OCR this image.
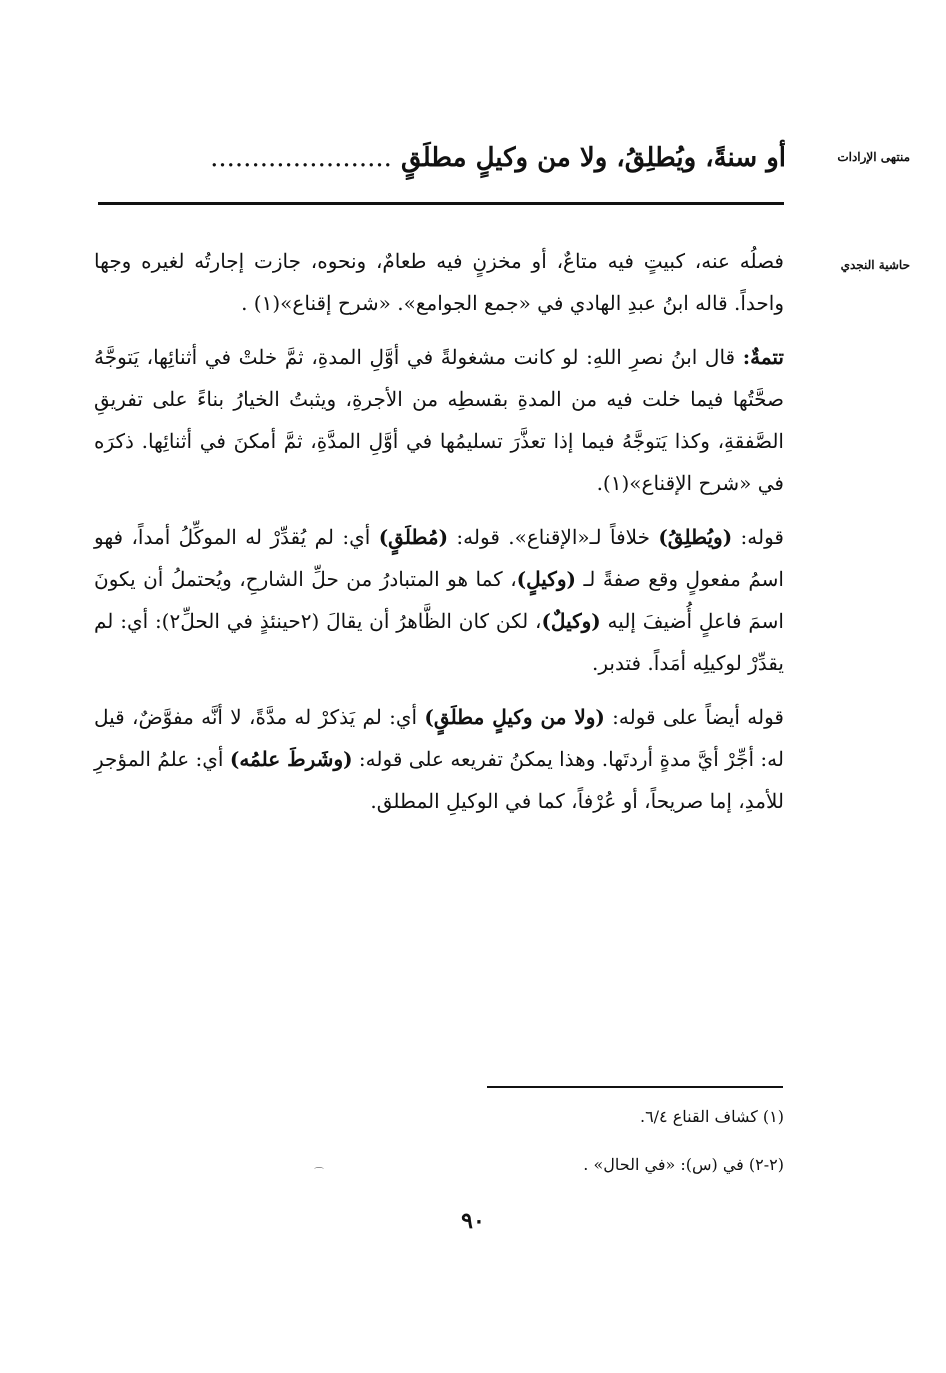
منتهى الإرادات
أو سنةً، ويُطلِقُ، ولا من وكيلٍ مطلَقٍ ......................
حاشية النجدي

فصلُه عنه، كبيتٍ فيه متاعٌ، أو مخزنٍ فيه طعامٌ، ونحوه، جازت إجارتُه لغيره وجها واحداً. قاله ابنُ عبدِ الهادي في «جمع الجوامع». «شرح إقناع»(١) .

تتمةٌ: قال ابنُ نصرِ اللهِ: لو كانت مشغولةً في أوَّلِ المدةِ، ثمَّ خلتْ في أثنائِها، يَتوجَّهُ صحَّتُها فيما خلت فيه من المدةِ بقسطِه من الأجرةِ، ويثبتُ الخيارُ بناءً على تفريقِ الصَّفقةِ، وكذا يَتوجَّهُ فيما إذا تعذَّرَ تسليمُها في أوَّلِ المدَّةِ، ثمَّ أمكنَ في أثنائِها. ذكرَه في «شرح الإقناع»(١).

قوله: (ويُطلِقُ) خلافاً لـ«الإقناع». قوله: (مُطلَقٍ) أي: لم يُقدِّرْ له الموكِّلُ أمداً، فهو اسمُ مفعولٍ وقع صفةً لـ (وكيلٍ)، كما هو المتبادرُ من حلِّ الشارحِ، ويُحتملُ أن يكونَ اسمَ فاعلٍ أُضيفَ إليه (وكيلٌ)، لكن كان الظَّاهرُ أن يقالَ (٢حينئذٍ في الحلِّ٢): أي: لم يقدِّرْ لوكيلِه أمَداً. فتدبر.

قوله أيضاً على قوله: (ولا من وكيلٍ مطلَقٍ) أي: لم يَذكرْ له مدَّةً، لا أنَّه مفوَّضٌ، قيل له: أجِّرْ أيَّ مدةٍ أردتَها. وهذا يمكنُ تفريعه على قوله: (وشَرطَ علمُه) أي: علمُ المؤجرِ للأمدِ، إما صريحاً، أو عُرْفاً، كما في الوكيلِ المطلق.

(١) كشاف القناع ٦/٤.

(٢-٢) في (س): «في الحال» .

⌒
٩٠
